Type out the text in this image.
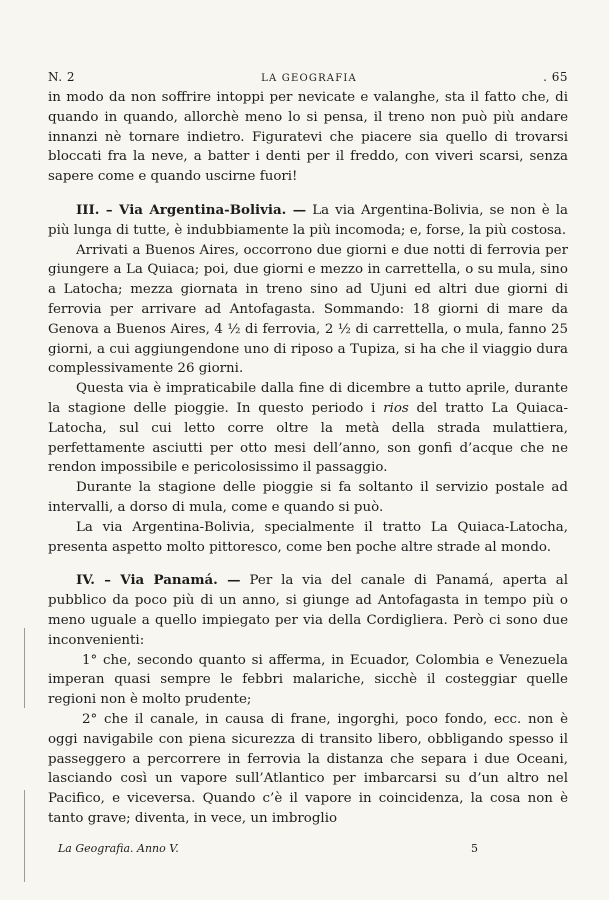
N. 2	LA GEOGRAFIA	. 65

in modo da non soffrire intoppi per nevicate e valanghe, sta il fatto che, di quando in quando, allorchè meno lo si pensa, il treno non può più andare innanzi nè tornare indietro. Figuratevi che piacere sia quello di trovarsi bloccati fra la neve, a batter i denti per il freddo, con viveri scarsi, senza sapere come e quando uscirne fuori!

III. – Via Argentina-Bolivia. — La via Argentina-Bolivia, se non è la più lunga di tutte, è indubbiamente la più incomoda; e, forse, la più costosa.

Arrivati a Buenos Aires, occorrono due giorni e due notti di ferrovia per giungere a La Quiaca; poi, due giorni e mezzo in carrettella, o su mula, sino a Latocha; mezza giornata in treno sino ad Ujuni ed altri due giorni di ferrovia per arrivare ad Antofagasta. Sommando: 18 giorni di mare da Genova a Buenos Aires, 4 ½ di ferrovia, 2 ½ di carrettella, o mula, fanno 25 giorni, a cui aggiungendone uno di riposo a Tupiza, si ha che il viaggio dura complessivamente 26 giorni.

Questa via è impraticabile dalla fine di dicembre a tutto aprile, durante la stagione delle pioggie. In questo periodo i rios del tratto La Quiaca-Latocha, sul cui letto corre oltre la metà della strada mulattiera, perfettamente asciutti per otto mesi dell’anno, son gonfi d’acque che ne rendon impossibile e pericolosissimo il passaggio.

Durante la stagione delle pioggie si fa soltanto il servizio postale ad intervalli, a dorso di mula, come e quando si può.

La via Argentina-Bolivia, specialmente il tratto La Quiaca-Latocha, presenta aspetto molto pittoresco, come ben poche altre strade al mondo.

IV. – Via Panamá. — Per la via del canale di Panamá, aperta al pubblico da poco più di un anno, si giunge ad Antofagasta in tempo più o meno uguale a quello impiegato per via della Cordigliera. Però ci sono due inconvenienti:

1° che, secondo quanto si afferma, in Ecuador, Colombia e Venezuela imperan quasi sempre le febbri malariche, sicchè il costeggiar quelle regioni non è molto prudente;

2° che il canale, in causa di frane, ingorghi, poco fondo, ecc. non è oggi navigabile con piena sicurezza di transito libero, obbligando spesso il passeggero a percorrere in ferrovia la distanza che separa i due Oceani, lasciando così un vapore sull’Atlantico per imbarcarsi su d’un altro nel Pacifico, e viceversa. Quando c’è il vapore in coincidenza, la cosa non è tanto grave; diventa, in vece, un imbroglio

La Geografia. Anno V.	5
